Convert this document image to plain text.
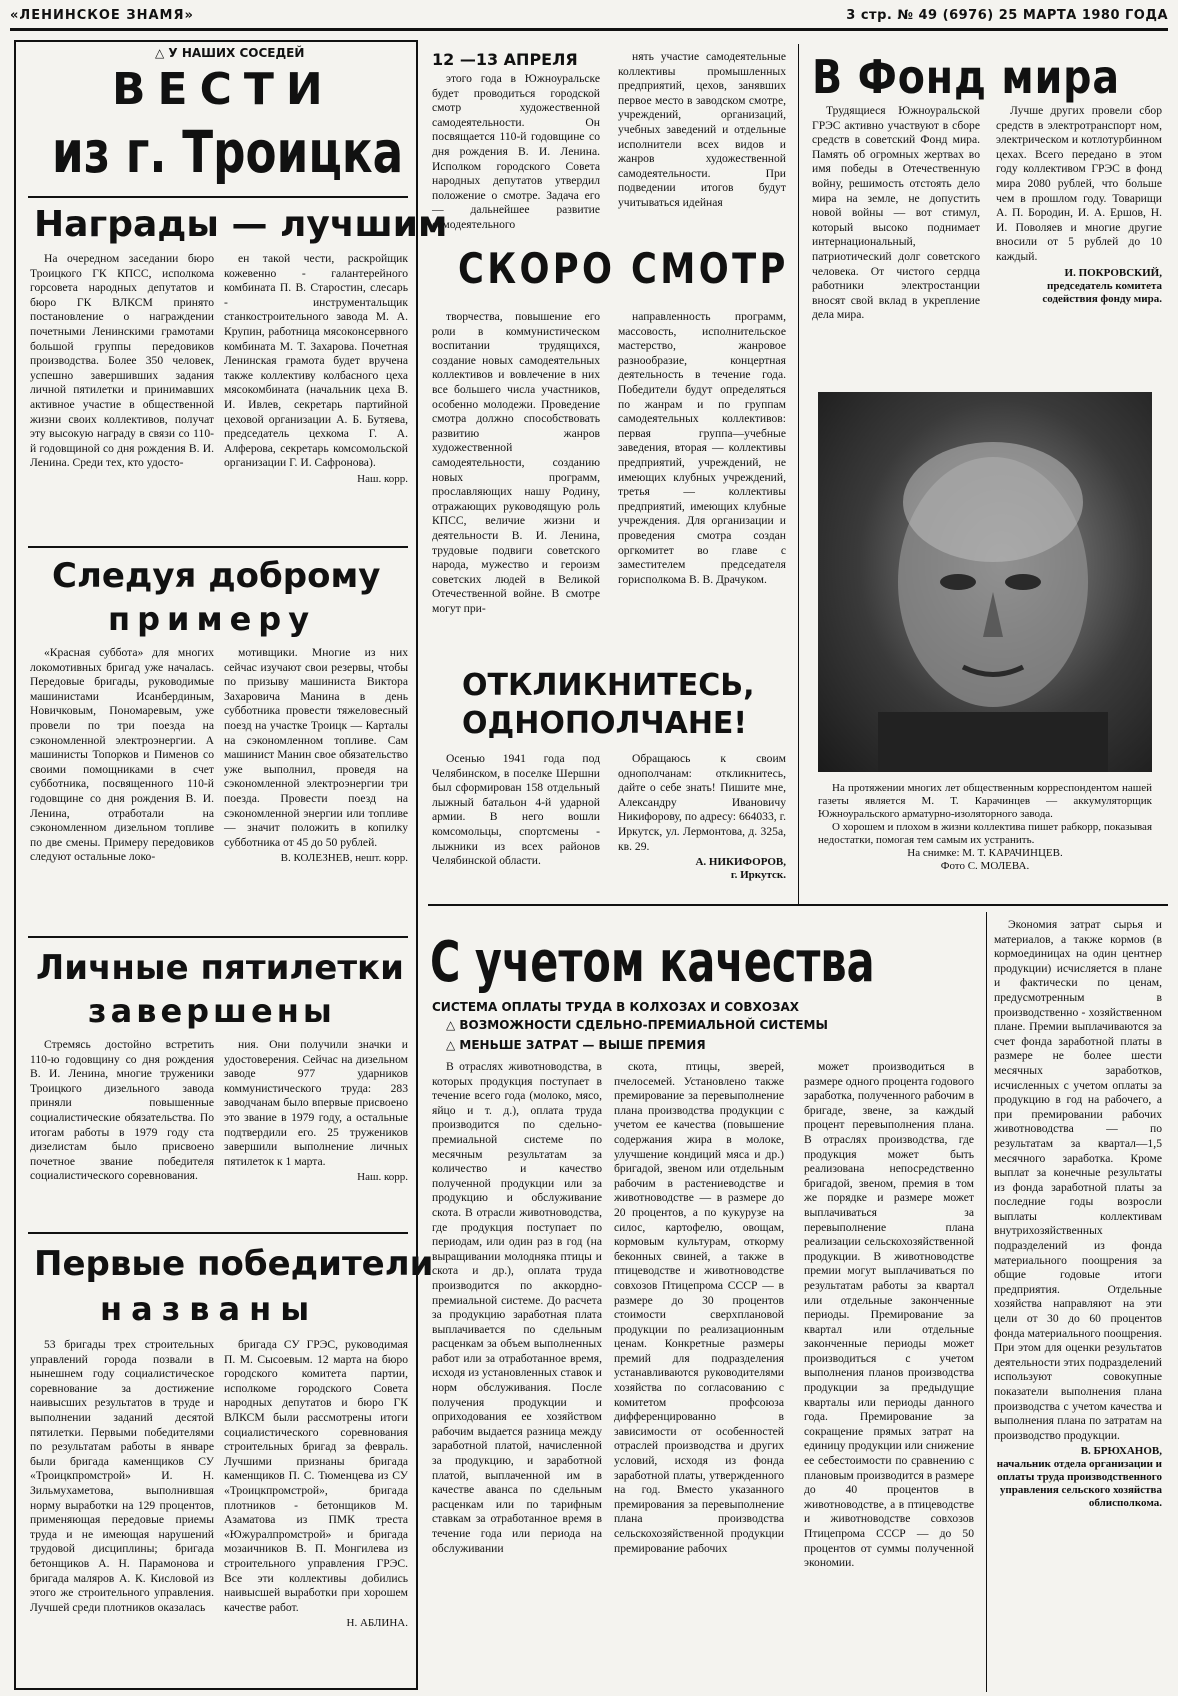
«ЛЕНИНСКОЕ ЗНАМЯ»	3 стр. № 49 (6976) 25 МАРТА 1980 ГОДА
△ У НАШИХ СОСЕДЕЙ
ВЕСТИ
из г. Троицка
Награды — лучшим

На очередном заседании бюро Троицкого ГК КПСС, исполкома горсовета народных депутатов и бюро ГК ВЛКСМ принято постановление о награждении почетными Ленинскими грамотами большой группы передовиков производства. Более 350 человек, успешно завершивших задания личной пятилетки и принимавших активное участие в общественной жизни своих коллективов, получат эту высокую награду в связи со 110-й годовщиной со дня рождения В. И. Ленина. Среди тех, кто удосто-

ен такой чести, раскройщик кожевенно - галантерейного комбината П. В. Старостин, слесарь - инструментальщик станкостроительного завода М. А. Крупин, работница мясоконсервного комбината М. Т. Захарова. Почетная Ленинская грамота будет вручена также коллективу колбасного цеха мясокомбината (начальник цеха В. И. Ивлев, секретарь партийной цеховой организации А. Б. Бутяева, председатель цехкома Г. А. Алферова, секретарь комсомольской организации Г. И. Сафронова).

Наш. корр.
Следуя доброму
примеру

«Красная суббота» для многих локомотивных бригад уже началась. Передовые бригады, руководимые машинистами Исанбердиным, Новичковым, Пономаревым, уже провели по три поезда на сэкономленной электроэнергии. А машинисты Топорков и Пименов со своими помощниками в счет субботника, посвященного 110-й годовщине со дня рождения В. И. Ленина, отработали на сэкономленном дизельном топливе по две смены. Примеру передовиков следуют остальные локо-

мотивщики. Многие из них сейчас изучают свои резервы, чтобы по призыву машиниста Виктора Захаровича Манина в день субботника провести тяжеловесный поезд на участке Троицк — Карталы на сэкономленном топливе. Сам машинист Манин свое обязательство уже выполнил, проведя на сэкономленной электроэнергии три поезда. Провести поезд на сэкономленной энергии или топливе — значит положить в копилку субботника от 45 до 50 рублей.

В. КОЛЕЗНЕВ, нешт. корр.
Личные пятилетки
завершены

Стремясь достойно встретить 110-ю годовщину со дня рождения В. И. Ленина, многие труженики Троицкого дизельного завода приняли повышенные социалистические обязательства. По итогам работы в 1979 году ста дизелистам было присвоено почетное звание победителя социалистического соревнования.

ния. Они получили значки и удостоверения. Сейчас на дизельном заводе 977 ударников коммунистического труда: 283 заводчанам было впервые присвоено это звание в 1979 году, а остальные подтвердили его. 25 тружеников завершили выполнение личных пятилеток к 1 марта.

Наш. корр.
Первые победители
названы

53 бригады трех строительных управлений города позвали в нынешнем году социалистическое соревнование за достижение наивысших результатов в труде и выполнении заданий десятой пятилетки. Первыми победителями по результатам работы в январе были бригада каменщиков СУ «Троицкпромстрой» И. Н. Зильмухаметова, выполнившая норму выработки на 129 процентов, применяющая передовые приемы труда и не имеющая нарушений трудовой дисциплины; бригада бетонщиков А. Н. Парамонова и бригада маляров А. К. Кисловой из этого же строительного управления. Лучшей среди плотников оказалась

бригада СУ ГРЭС, руководимая П. М. Сысоевым. 12 марта на бюро городского комитета партии, исполкоме городского Совета народных депутатов и бюро ГК ВЛКСМ были рассмотрены итоги социалистического соревнования строительных бригад за февраль. Лучшими признаны бригада каменщиков П. С. Тюменцева из СУ «Троицкпромстрой», бригада плотников - бетонщиков М. Азаматова из ПМК треста «Южуралпромстрой» и бригада мозаичников В. П. Монгилева из строительного управления ГРЭС. Все эти коллективы добились наивысшей выработки при хорошем качестве работ.

Н. АБЛИНА.
12 —13 АПРЕЛЯ

этого года в Южноуральске будет проводиться городской смотр художественной самодеятельности. Он посвящается 110-й годовщине со дня рождения В. И. Ленина. Исполком городского Совета народных депутатов утвердил положение о смотре. Задача его — дальнейшее развитие самодеятельного

нять участие самодеятельные коллективы промышленных предприятий, цехов, занявших первое место в заводском смотре, учреждений, организаций, учебных заведений и отдельные исполнители всех видов и жанров художественной самодеятельности. При подведении итогов будут учитываться идейная

СКОРО СМОТР

творчества, повышение его роли в коммунистическом воспитании трудящихся, создание новых самодеятельных коллективов и вовлечение в них все большего числа участников, особенно молодежи. Проведение смотра должно способствовать развитию жанров художественной самодеятельности, созданию новых программ, прославляющих нашу Родину, отражающих руководящую роль КПСС, величие жизни и деятельности В. И. Ленина, трудовые подвиги советского народа, мужество и героизм советских людей в Великой Отечественной войне. В смотре могут при-

направленность программ, массовость, исполнительское мастерство, жанровое разнообразие, концертная деятельность в течение года. Победители будут определяться по жанрам и по группам самодеятельных коллективов: первая группа—учебные заведения, вторая — коллективы предприятий, учреждений, не имеющих клубных учреждений, третья — коллективы предприятий, имеющих клубные учреждения. Для организации и проведения смотра создан оргкомитет во главе с заместителем председателя горисполкома В. В. Драчуком.

ОТКЛИКНИТЕСЬ,
ОДНОПОЛЧАНЕ!

Осенью 1941 года под Челябинском, в поселке Шершни был сформирован 158 отдельный лыжный батальон 4-й ударной армии. В него вошли комсомольцы, спортсмены - лыжники из всех районов Челябинской области.

Обращаюсь к своим однополчанам: откликнитесь, дайте о себе знать! Пишите мне, Александру Ивановичу Никифорову, по адресу: 664033, г. Иркутск, ул. Лермонтова, д. 325а, кв. 29.

А. НИКИФОРОВ,
г. Иркутск.
В Фонд мира

Трудящиеся Южноуральской ГРЭС активно участвуют в сборе средств в советский Фонд мира. Память об огромных жертвах во имя победы в Отечественную войну, решимость отстоять дело мира на земле, не допустить новой войны — вот стимул, который высоко поднимает интернациональный, патриотический долг советского человека. От чистого сердца работники электростанции вносят свой вклад в укрепление дела мира.

Лучше других провели сбор средств в электротранспорт ном, электрическом и котлотурбинном цехах. Всего передано в этом году коллективом ГРЭС в фонд мира 2080 рублей, что больше чем в прошлом году. Товарищи А. П. Бородин, И. А. Ершов, Н. И. Поволяев и многие другие вносили от 5 рублей до 10 каждый.

И. ПОКРОВСКИЙ,
председатель комитета содействия фонду мира.
На протяжении многих лет общественным корреспондентом нашей газеты является М. Т. Карачинцев — аккумуляторщик Южноуральского арматурно-изоляторного завода.
О хорошем и плохом в жизни коллектива пишет рабкорр, показывая недостатки, помогая тем самым их устранить.
На снимке: М. Т. КАРАЧИНЦЕВ.
Фото С. МОЛЕВА.
С учетом качества
СИСТЕМА ОПЛАТЫ ТРУДА В КОЛХОЗАХ И СОВХОЗАХ
△ ВОЗМОЖНОСТИ СДЕЛЬНО-ПРЕМИАЛЬНОЙ СИСТЕМЫ
△ МЕНЬШЕ ЗАТРАТ — ВЫШЕ ПРЕМИЯ

В отраслях животноводства, в которых продукция поступает в течение всего года (молоко, мясо, яйцо и т. д.), оплата труда производится по сдельно-премиальной системе по месячным результатам за количество и качество полученной продукции или за продукцию и обслуживание скота. В отрасли животноводства, где продукция поступает по периодам, или один раз в год (на выращивании молодняка птицы и скота и др.), оплата труда производится по аккордно-премиальной системе. До расчета за продукцию заработная плата выплачивается по сдельным расценкам за объем выполненных работ или за отработанное время, исходя из установленных ставок и норм обслуживания. После получения продукции и оприходования ее хозяйством рабочим выдается разница между заработной платой, начисленной за продукцию, и заработной платой, выплаченной им в качестве аванса по сдельным расценкам или по тарифным ставкам за отработанное время в течение года или периода на обслуживании

скота, птицы, зверей, пчелосемей. Установлено также премирование за перевыполнение плана производства продукции с учетом ее качества (повышение содержания жира в молоке, улучшение кондиций мяса и др.) бригадой, звеном или отдельным рабочим в растениеводстве и животноводстве — в размере до 20 процентов, а по кукурузе на силос, картофелю, овощам, кормовым культурам, откорму беконных свиней, а также в птицеводстве и животноводстве совхозов Птицепрома СССР — в размере до 30 процентов стоимости сверхплановой продукции по реализационным ценам. Конкретные размеры премий для подразделения устанавливаются руководителями хозяйства по согласованию с комитетом профсоюза дифференцированно в зависимости от особенностей отраслей производства и других условий, исходя из фонда заработной платы, утвержденного на год. Вместо указанного премирования за перевыполнение плана производства сельскохозяйственной продукции премирование рабочих

может производиться в размере одного процента годового заработка, полученного рабочим в бригаде, звене, за каждый процент перевыполнения плана. В отраслях производства, где продукция может быть реализована непосредственно бригадой, звеном, премия в том же порядке и размере может выплачиваться за перевыполнение плана реализации сельскохозяйственной продукции. В животноводстве премии могут выплачиваться по результатам работы за квартал или отдельные законченные периоды. Премирование за квартал или отдельные законченные периоды может производиться с учетом выполнения планов производства продукции за предыдущие кварталы или периоды данного года. Премирование за сокращение прямых затрат на единицу продукции или снижение ее себестоимости по сравнению с плановым производится в размере до 40 процентов в животноводстве, а в птицеводстве и животноводстве совхозов Птицепрома СССР — до 50 процентов от суммы полученной экономии.

Экономия затрат сырья и материалов, а также кормов (в кормоединицах на один центнер продукции) исчисляется в плане и фактически по ценам, предусмотренным в производственно - хозяйственном плане. Премии выплачиваются за счет фонда заработной платы в размере не более шести месячных заработков, исчисленных с учетом оплаты за продукцию в год на рабочего, а при премировании рабочих животноводства — по результатам за квартал—1,5 месячного заработка. Кроме выплат за конечные результаты из фонда заработной платы за последние годы возросли выплаты коллективам внутрихозяйственных подразделений из фонда материального поощрения за общие годовые итоги предприятия. Отдельные хозяйства направляют на эти цели от 30 до 60 процентов фонда материального поощрения. При этом для оценки результатов деятельности этих подразделений используют совокупные показатели выполнения плана производства с учетом качества и выполнения плана по затратам на производство продукции.

В. БРЮХАНОВ,
начальник отдела организации и оплаты труда производственного управления сельского хозяйства облисполкома.
